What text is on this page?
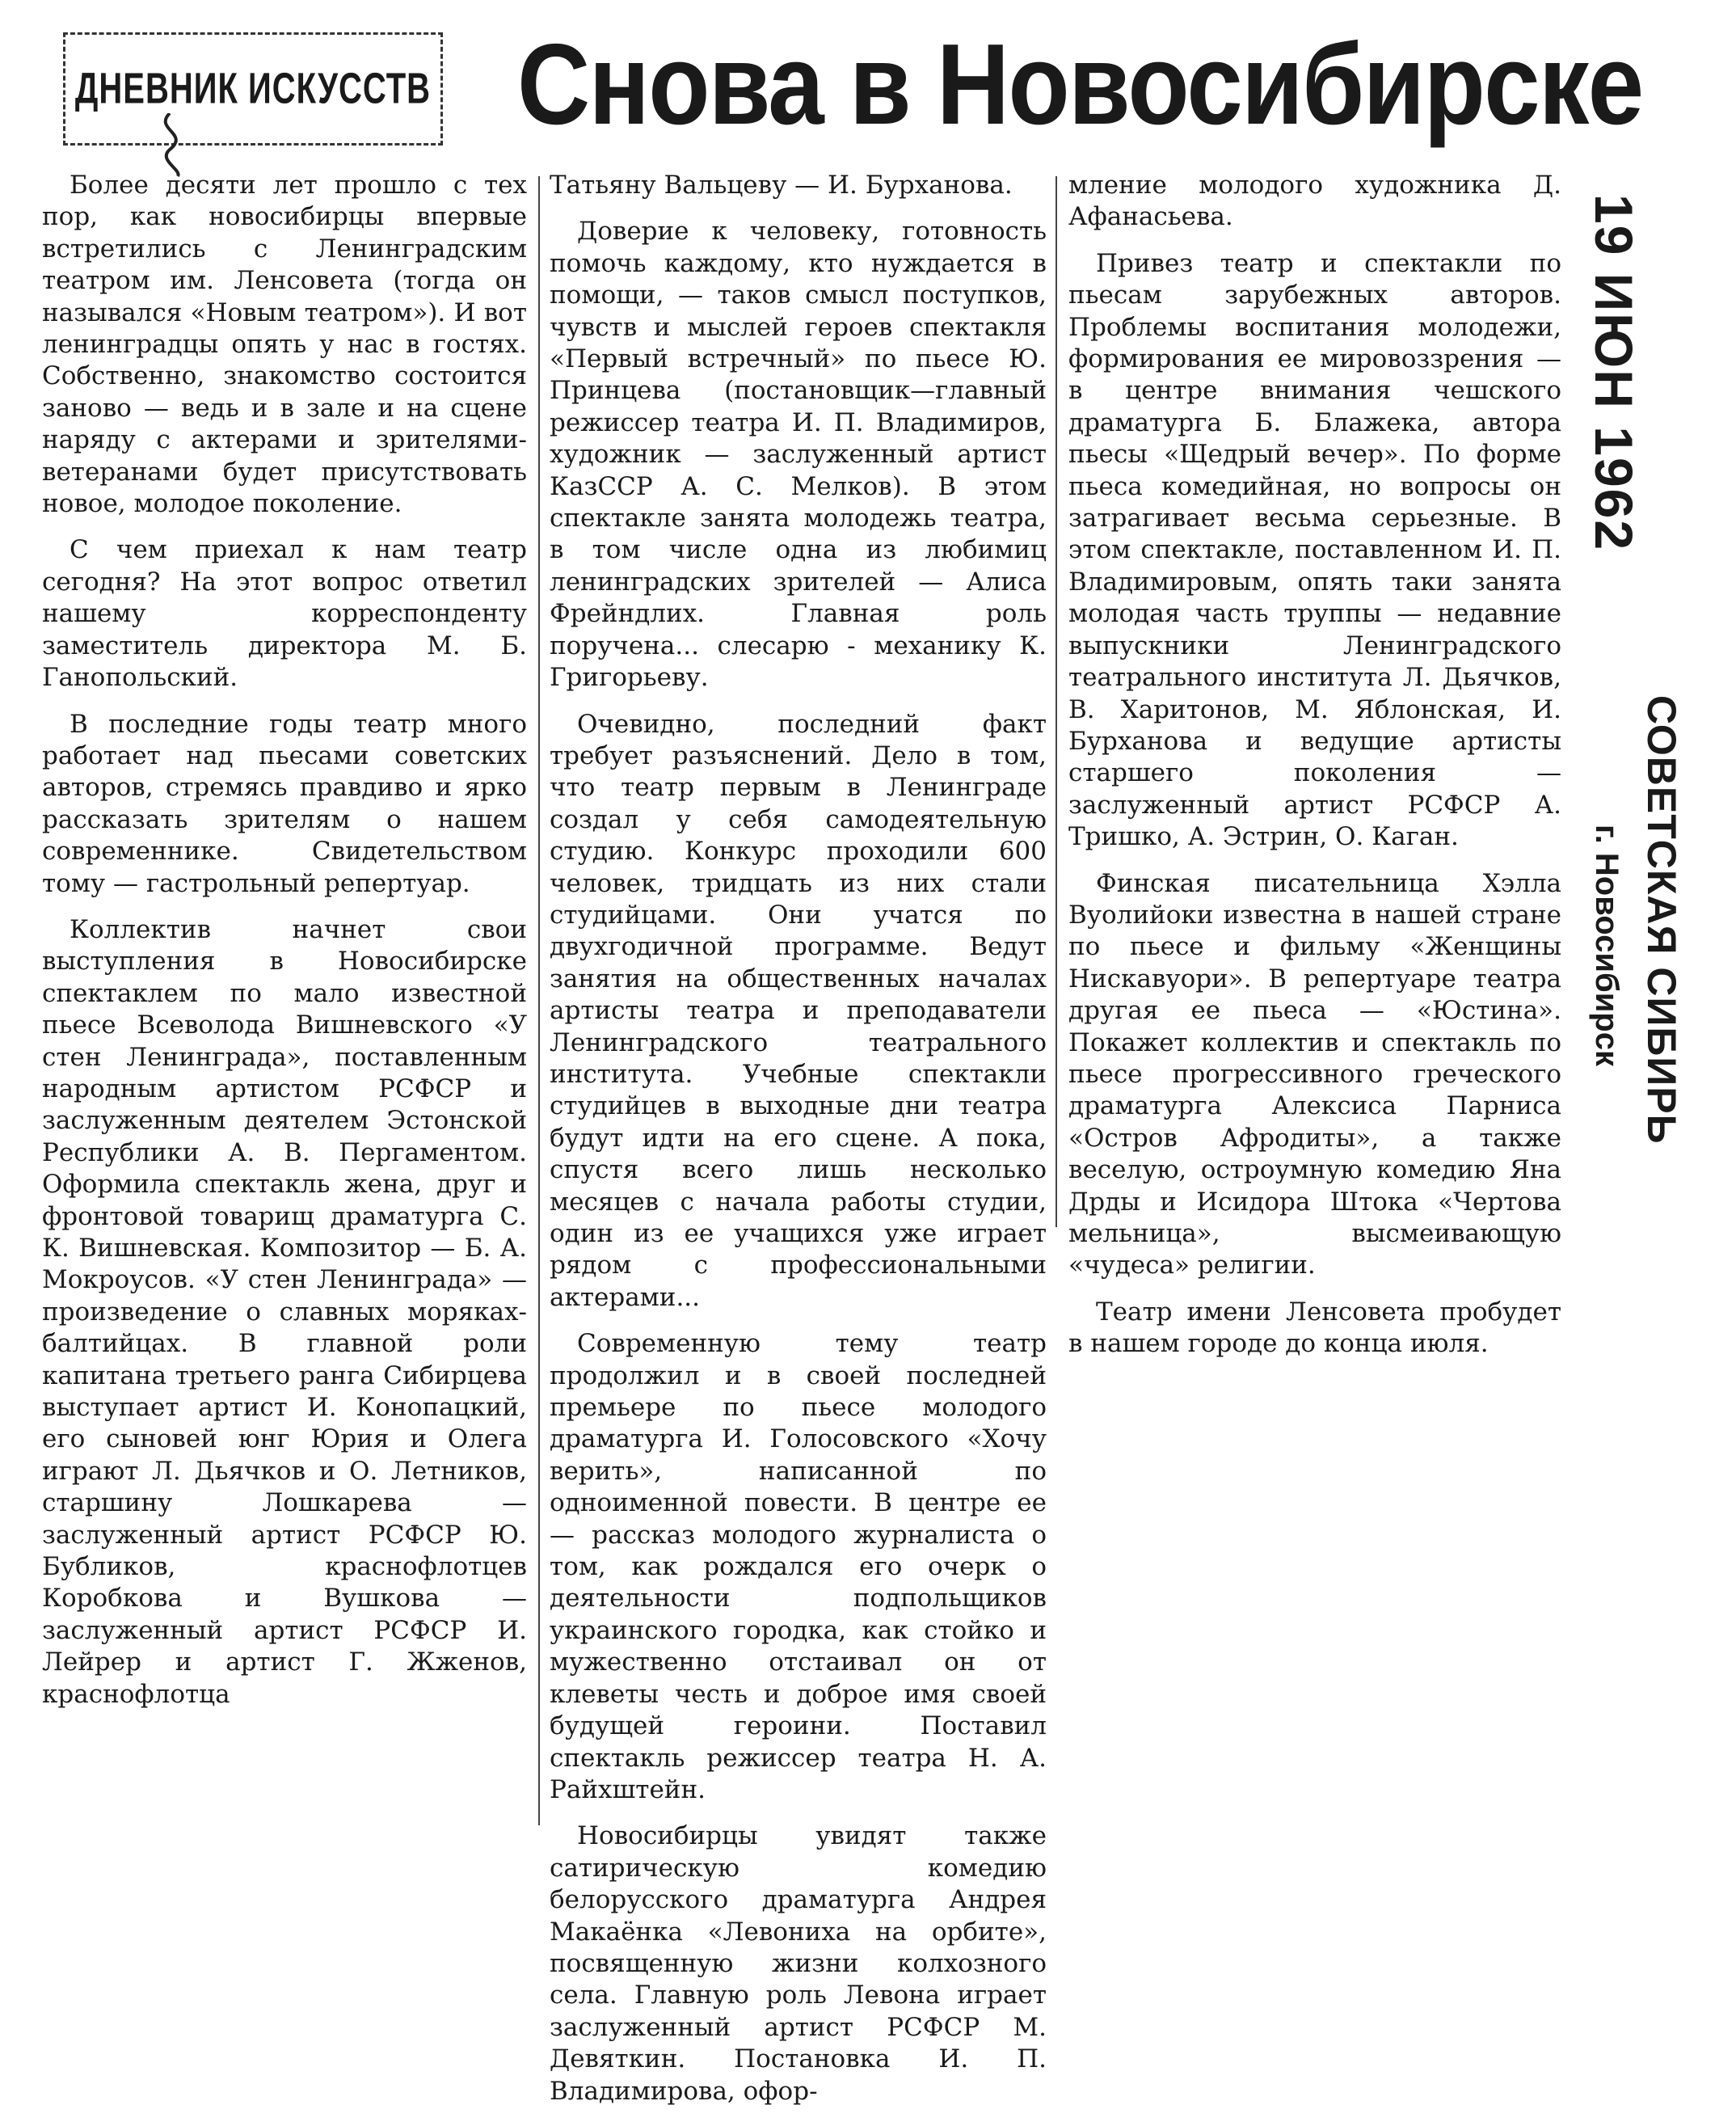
ДНЕВНИК ИСКУССТВ Снова в Новосибирске

Более десяти лет прошло с тех пор, как новосибирцы впервые встретились с Ленинградским театром им. Ленсовета (тогда он назывался «Новым театром»). И вот ленинградцы опять у нас в гостях. Собственно, знакомство состоится заново — ведь и в зале и на сцене наряду с актерами и зрителями-ветеранами будет присутствовать новое, молодое поколение.

С чем приехал к нам театр сегодня? На этот вопрос ответил нашему корреспонденту заместитель директора М. Б. Ганопольский.

В последние годы театр много работает над пьесами советских авторов, стремясь правдиво и ярко рассказать зрителям о нашем современнике. Свидетельством тому — гастрольный репертуар.

Коллектив начнет свои выступления в Новосибирске спектаклем по мало известной пьесе Всеволода Вишневского «У стен Ленинграда», поставленным народным артистом РСФСР и заслуженным деятелем Эстонской Республики А. В. Пергаментом. Оформила спектакль жена, друг и фронтовой товарищ драматурга С. К. Вишневская. Композитор — Б. А. Мокроусов. «У стен Ленинграда» — произведение о славных моряках-балтийцах. В главной роли капитана третьего ранга Сибирцева выступает артист И. Конопацкий, его сыновей юнг Юрия и Олега играют Л. Дьячков и О. Летников, старшину Лошкарева — заслуженный артист РСФСР Ю. Бубликов, краснофлотцев Коробкова и Вушкова — заслуженный артист РСФСР И. Лейрер и артист Г. Жженов, краснофлотца

Татьяну Вальцеву — И. Бурханова.

Доверие к человеку, готовность помочь каждому, кто нуждается в помощи, — таков смысл поступков, чувств и мыслей героев спектакля «Первый встречный» по пьесе Ю. Принцева (постановщик—главный режиссер театра И. П. Владимиров, художник — заслуженный артист КазССР А. С. Мелков). В этом спектакле занята молодежь театра, в том числе одна из любимиц ленинградских зрителей — Алиса Фрейндлих. Главная роль поручена... слесарю - механику К. Григорьеву.

Очевидно, последний факт требует разъяснений. Дело в том, что театр первым в Ленинграде создал у себя самодеятельную студию. Конкурс проходили 600 человек, тридцать из них стали студийцами. Они учатся по двухгодичной программе. Ведут занятия на общественных началах артисты театра и преподаватели Ленинградского театрального института. Учебные спектакли студийцев в выходные дни театра будут идти на его сцене. А пока, спустя всего лишь несколько месяцев с начала работы студии, один из ее учащихся уже играет рядом с профессиональными актерами...

Современную тему театр продолжил и в своей последней премьере по пьесе молодого драматурга И. Голосовского «Хочу верить», написанной по одноименной повести. В центре ее — рассказ молодого журналиста о том, как рождался его очерк о деятельности подпольщиков украинского городка, как стойко и мужественно отстаивал он от клеветы честь и доброе имя своей будущей героини. Поставил спектакль режиссер театра Н. А. Райхштейн.

Новосибирцы увидят также сатирическую комедию белорусского драматурга Андрея Макаёнка «Левониха на орбите», посвященную жизни колхозного села. Главную роль Левона играет заслуженный артист РСФСР М. Девяткин. Постановка И. П. Владимирова, офор-

мление молодого художника Д. Афанасьева.

Привез театр и спектакли по пьесам зарубежных авторов. Проблемы воспитания молодежи, формирования ее мировоззрения — в центре внимания чешского драматурга Б. Блажека, автора пьесы «Щедрый вечер». По форме пьеса комедийная, но вопросы он затрагивает весьма серьезные. В этом спектакле, поставленном И. П. Владимировым, опять таки занята молодая часть труппы — недавние выпускники Ленинградского театрального института Л. Дьячков, В. Харитонов, М. Яблонская, И. Бурханова и ведущие артисты старшего поколения — заслуженный артист РСФСР А. Тришко, А. Эстрин, О. Каган.

Финская писательница Хэлла Вуолийоки известна в нашей стране по пьесе и фильму «Женщины Нискавуори». В репертуаре театра другая ее пьеса — «Юстина». Покажет коллектив и спектакль по пьесе прогрессивного греческого драматурга Алексиса Парниса «Остров Афродиты», а также веселую, остроумную комедию Яна Дрды и Исидора Штока «Чертова мельница», высмеивающую «чудеса» религии.

Театр имени Ленсовета пробудет в нашем городе до конца июля.

19 ИЮН 1962
СОВЕТСКАЯ СИБИРЬ
г. Новосибирск
